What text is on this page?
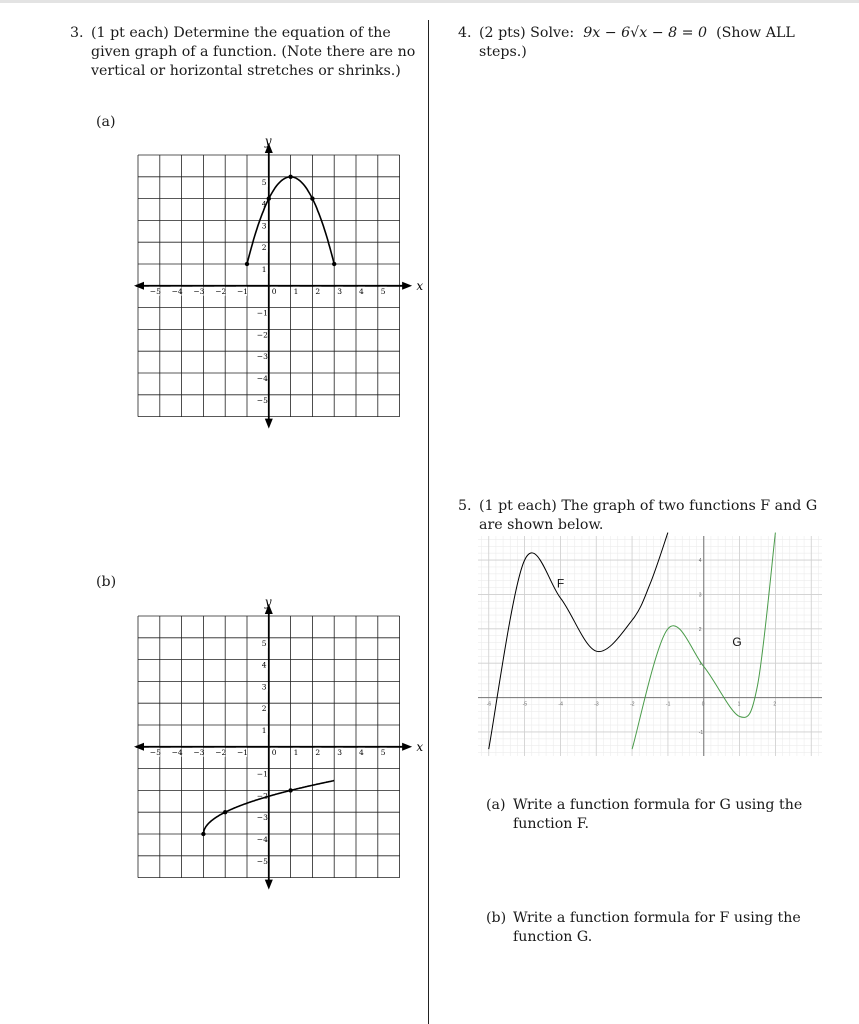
3. (1 pt each) Determine the equation of the given graph of a function. (Note there are no vertical or horizontal stretches or shrinks.)
(a)
x
y
−5 −4 −3 −2 −1	0 1 2 3 4 5
5
4
3
2
1
−1
−2
−3
−4
−5
(b)
x
y
−5 −4 −3 −2 −1	0 1 2 3 4 5
5
4
3
2
1
−1
−2
−3
−4
−5
4. (2 pts) Solve: 9x − 6√x − 8 = 0 (Show ALL steps.)
5. (1 pt each) The graph of two functions F and G are shown below.
-6	-5	-4	-3	-2	-1	0	1	2
4
3
2
1
-1
F
G
(a) Write a function formula for G using the function F.
(b) Write a function formula for F using the function G.
